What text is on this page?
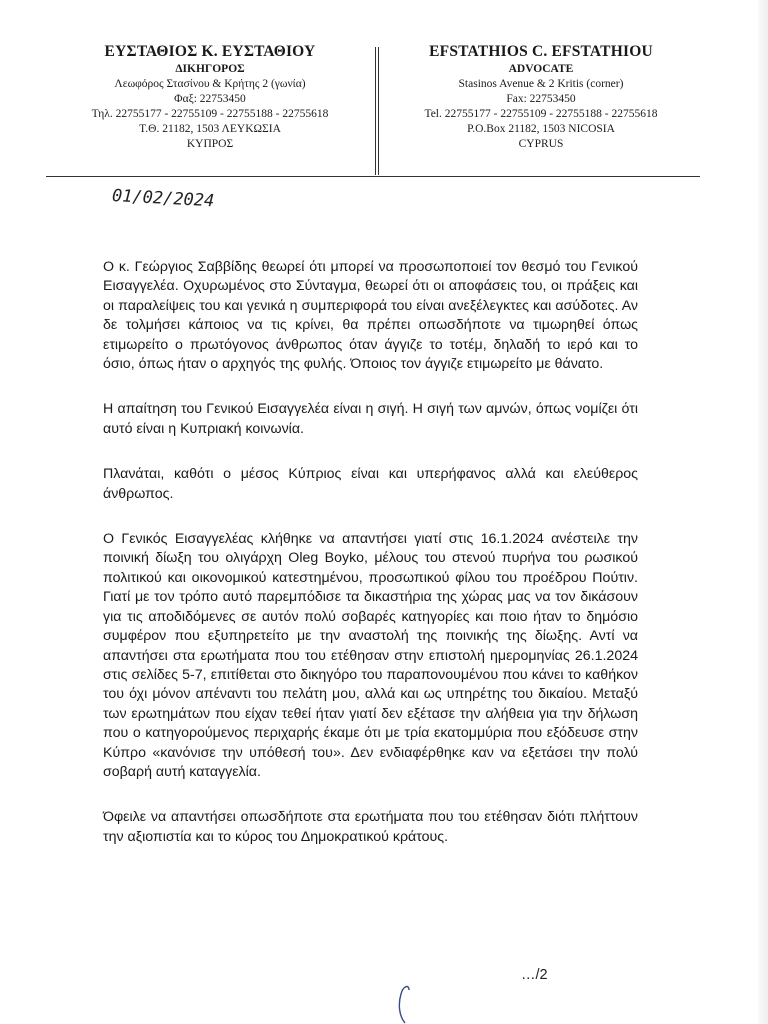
ΕΥΣΤΑΘΙΟΣ Κ. ΕΥΣΤΑΘΙΟΥ
ΔΙΚΗΓΟΡΟΣ
Λεωφόρος Στασίνου & Κρήτης 2 (γωνία)
Φαξ: 22753450
Τηλ. 22755177 - 22755109 - 22755188 - 22755618
Τ.Θ. 21182, 1503 ΛΕΥΚΩΣΙΑ
ΚΥΠΡΟΣ
EFSTATHIOS C. EFSTATHIOU
ADVOCATE
Stasinos Avenue & 2 Kritis (corner)
Fax: 22753450
Tel. 22755177 - 22755109 - 22755188 - 22755618
P.O.Box 21182, 1503 NICOSIA
CYPRUS
01/02/2024

Ο κ. Γεώργιος Σαββίδης θεωρεί ότι μπορεί να προσωποποιεί τον θεσμό του Γενικού Εισαγγελέα. Οχυρωμένος στο Σύνταγμα, θεωρεί ότι οι αποφάσεις του, οι πράξεις και οι παραλείψεις του και γενικά η συμπεριφορά του είναι ανεξέλεγκτες και ασύδοτες. Αν δε τολμήσει κάποιος να τις κρίνει, θα πρέπει οπωσδήποτε να τιμωρηθεί όπως ετιμωρείτο ο πρωτόγονος άνθρωπος όταν άγγιζε το τοτέμ, δηλαδή το ιερό και το όσιο, όπως ήταν ο αρχηγός της φυλής. Όποιος τον άγγιζε ετιμωρείτο με θάνατο.

Η απαίτηση του Γενικού Εισαγγελέα είναι η σιγή. Η σιγή των αμνών, όπως νομίζει ότι αυτό είναι η Κυπριακή κοινωνία.

Πλανάται, καθότι ο μέσος Κύπριος είναι και υπερήφανος αλλά και ελεύθερος άνθρωπος.

Ο Γενικός Εισαγγελέας κλήθηκε να απαντήσει γιατί στις 16.1.2024 ανέστειλε την ποινική δίωξη του ολιγάρχη Oleg Boyko, μέλους του στενού πυρήνα του ρωσικού πολιτικού και οικονομικού κατεστημένου, προσωπικού φίλου του προέδρου Πούτιν. Γιατί με τον τρόπο αυτό παρεμπόδισε τα δικαστήρια της χώρας μας να τον δικάσουν για τις αποδιδόμενες σε αυτόν πολύ σοβαρές κατηγορίες και ποιο ήταν το δημόσιο συμφέρον που εξυπηρετείτο με την αναστολή της ποινικής της δίωξης. Αντί να απαντήσει στα ερωτήματα που του ετέθησαν στην επιστολή ημερομηνίας 26.1.2024 στις σελίδες 5-7, επιτίθεται στο δικηγόρο του παραπονουμένου που κάνει το καθήκον του όχι μόνον απέναντι του πελάτη μου, αλλά και ως υπηρέτης του δικαίου. Μεταξύ των ερωτημάτων που είχαν τεθεί ήταν γιατί δεν εξέτασε την αλήθεια για την δήλωση που ο κατηγορούμενος περιχαρής έκαμε ότι με τρία εκατομμύρια που εξόδευσε στην Κύπρο «κανόνισε την υπόθεσή του». Δεν ενδιαφέρθηκε καν να εξετάσει την πολύ σοβαρή αυτή καταγγελία.

Όφειλε να απαντήσει οπωσδήποτε στα ερωτήματα που του ετέθησαν διότι πλήττουν την αξιοπιστία και το κύρος του Δημοκρατικού κράτους.

…/2
